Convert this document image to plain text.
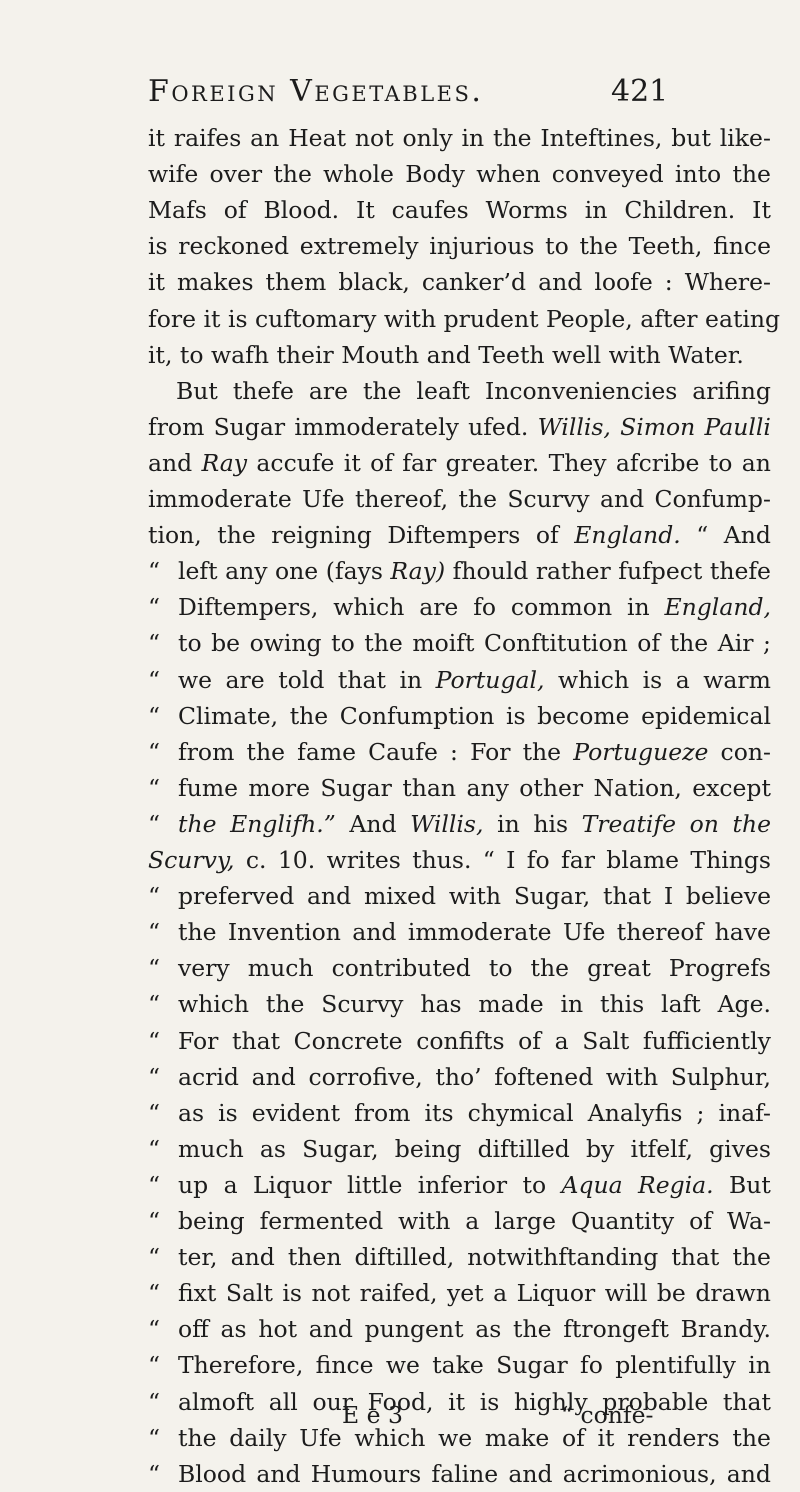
Foreign Vegetables.	421
it raifes an Heat not only in the Inteftines, but like-
wife over the whole Body when conveyed into the
Mafs of Blood. It caufes Worms in Children. It
is reckoned extremely injurious to the Teeth, fince
it makes them black, canker’d and loofe : Where-
fore it is cuftomary with prudent People, after eating
it, to wafh their Mouth and Teeth well with Water.
But thefe are the leaft Inconveniencies arifing
from Sugar immoderately ufed. Willis, Simon Paulli
and Ray accufe it of far greater. They afcribe to an
immoderate Ufe thereof, the Scurvy and Confump-
tion, the reigning Diftempers of England. “ And
“ left any one (fays Ray) fhould rather fufpect thefe
“ Diftempers, which are fo common in England,
“ to be owing to the moift Conftitution of the Air ;
“ we are told that in Portugal, which is a warm
“ Climate, the Confumption is become epidemical
“ from the fame Caufe : For the Portugueze con-
“ fume more Sugar than any other Nation, except
“ the Englifh.” And Willis, in his Treatife on the
Scurvy, c. 10. writes thus. “ I fo far blame Things
“ preferved and mixed with Sugar, that I believe
“ the Invention and immoderate Ufe thereof have
“ very much contributed to the great Progrefs
“ which the Scurvy has made in this laft Age.
“ For that Concrete confifts of a Salt fufficiently
“ acrid and corrofive, tho’ foftened with Sulphur,
“ as is evident from its chymical Analyfis ; inaf-
“ much as Sugar, being diftilled by itfelf, gives
“ up a Liquor little inferior to Aqua Regia. But
“ being fermented with a large Quantity of Wa-
“ ter, and then diftilled, notwithftanding that the
“ fixt Salt is not raifed, yet a Liquor will be drawn
“ off as hot and pungent as the ftrongeft Brandy.
“ Therefore, fince we take Sugar fo plentifully in
“ almoft all our Food, it is highly probable that
“ the daily Ufe which we make of it renders the
“ Blood and Humours faline and acrimonious, and
E e 3	“ confe-
